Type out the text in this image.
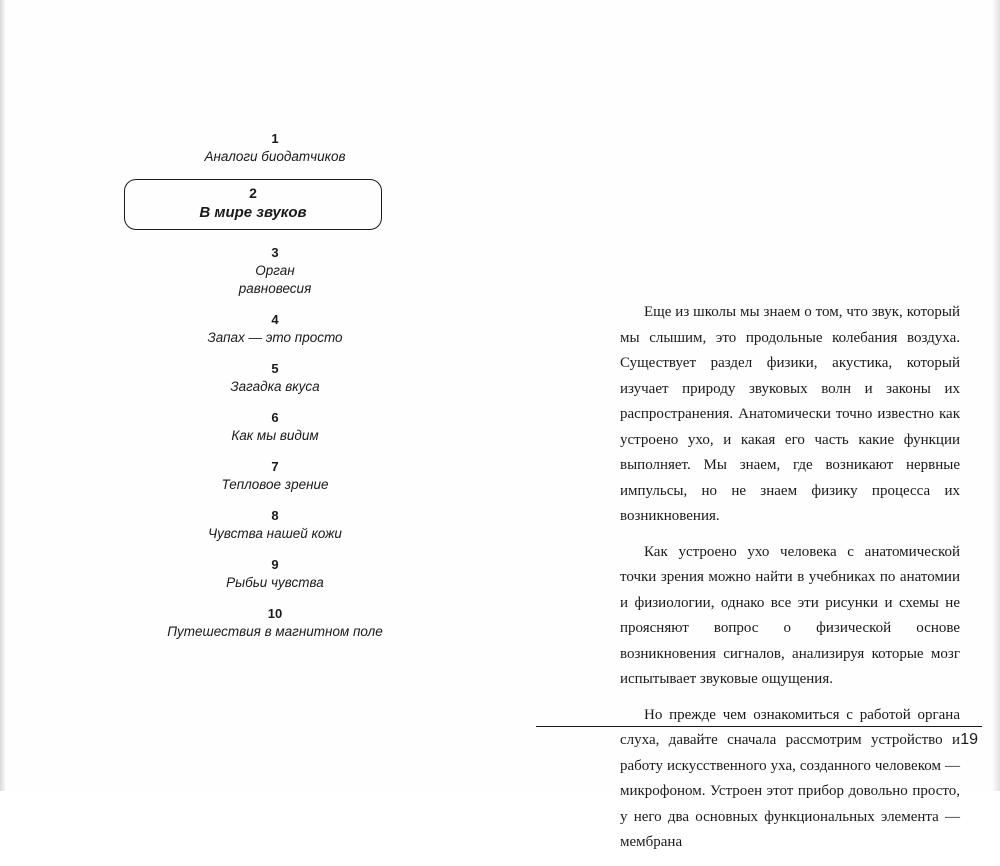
1
Аналоги биодатчиков
2
В мире звуков
3
Орган
равновесия
4
Запах — это просто
5
Загадка вкуса
6
Как мы видим
7
Тепловое зрение
8
Чувства нашей кожи
9
Рыбьи чувства
10
Путешествия в магнитном поле

Еще из школы мы знаем о том, что звук, который мы слышим, это продольные колебания воздуха. Существует раздел физики, акустика, который изучает природу звуковых волн и законы их распространения. Анатомически точно известно как устроено ухо, и какая его часть какие функции выполняет. Мы знаем, где возникают нервные импульсы, но не знаем физику процесса их возникновения.

Как устроено ухо человека с анатомической точки зрения можно найти в учебниках по анатомии и физиологии, однако все эти рисунки и схемы не проясняют вопрос о физической основе возникновения сигналов, анализируя которые мозг испытывает звуковые ощущения.

Но прежде чем ознакомиться с работой органа слуха, давайте сначала рассмотрим устройство и работу искусственного уха, созданного человеком — микрофоном. Устроен этот прибор довольно просто, у него два основных функциональных элемента — мембрана

19
